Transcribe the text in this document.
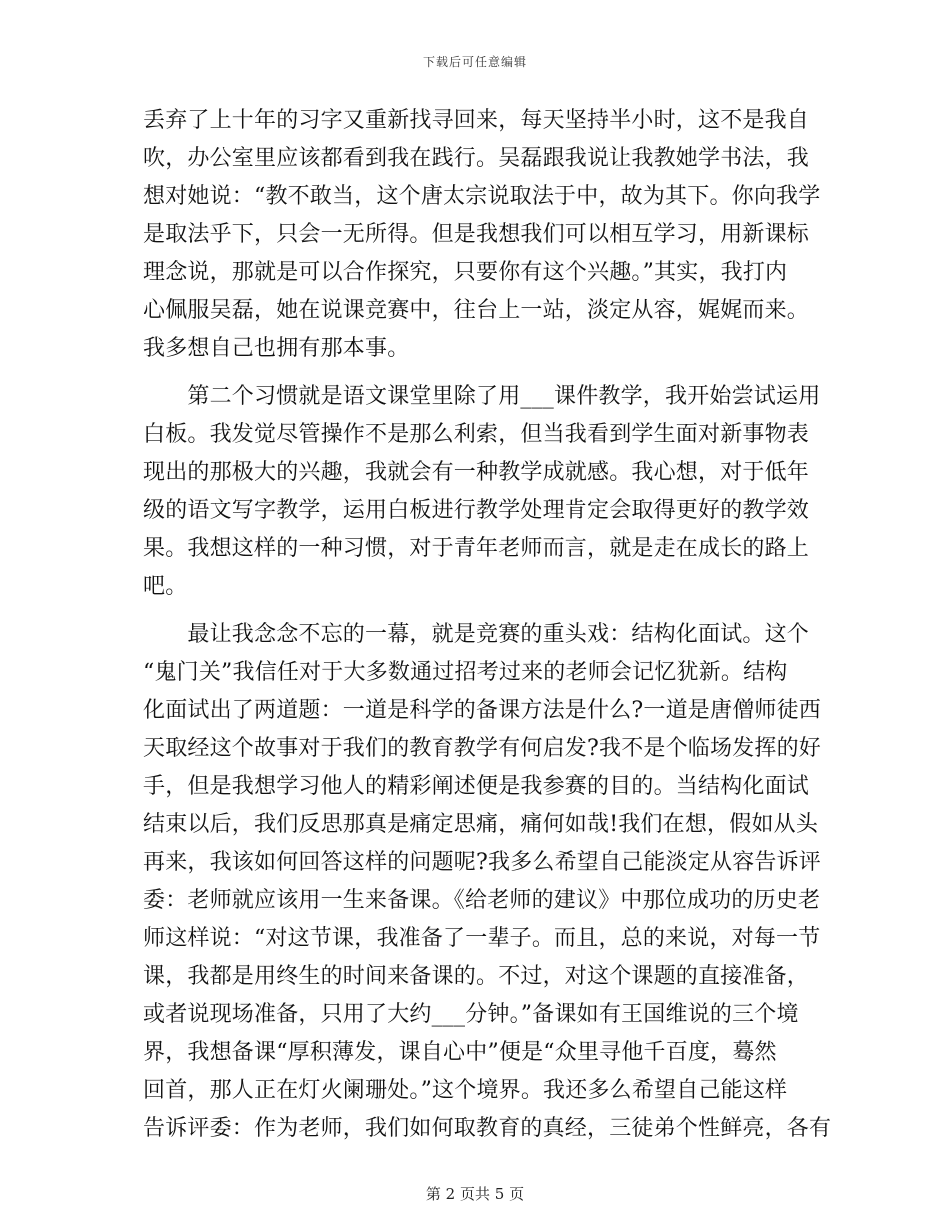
下载后可任意编辑
丢弃了上十年的习字又重新找寻回来，每天坚持半小时，这不是我自
吹，办公室里应该都看到我在践行。吴磊跟我说让我教她学书法，我
想对她说：“教不敢当，这个唐太宗说取法于中，故为其下。你向我学
是取法乎下，只会一无所得。但是我想我们可以相互学习，用新课标
理念说，那就是可以合作探究，只要你有这个兴趣。”其实，我打内
心佩服吴磊，她在说课竞赛中，往台上一站，淡定从容，娓娓而来。
我多想自己也拥有那本事。
　　第二个习惯就是语文课堂里除了用___课件教学，我开始尝试运用
白板。我发觉尽管操作不是那么利索，但当我看到学生面对新事物表
现出的那极大的兴趣，我就会有一种教学成就感。我心想，对于低年
级的语文写字教学，运用白板进行教学处理肯定会取得更好的教学效
果。我想这样的一种习惯，对于青年老师而言，就是走在成长的路上
吧。
　　最让我念念不忘的一幕，就是竞赛的重头戏：结构化面试。这个
“鬼门关”我信任对于大多数通过招考过来的老师会记忆犹新。结构
化面试出了两道题：一道是科学的备课方法是什么?一道是唐僧师徒西
天取经这个故事对于我们的教育教学有何启发?我不是个临场发挥的好
手，但是我想学习他人的精彩阐述便是我参赛的目的。当结构化面试
结束以后，我们反思那真是痛定思痛，痛何如哉!我们在想，假如从头
再来，我该如何回答这样的问题呢?我多么希望自己能淡定从容告诉评
委：老师就应该用一生来备课。《给老师的建议》中那位成功的历史老
师这样说：“对这节课，我准备了一辈子。而且，总的来说，对每一节
课，我都是用终生的时间来备课的。不过，对这个课题的直接准备，
或者说现场准备，只用了大约___分钟。”备课如有王国维说的三个境
界，我想备课“厚积薄发，课自心中”便是“众里寻他千百度，蓦然
回首，那人正在灯火阑珊处。”这个境界。我还多么希望自己能这样
告诉评委：作为老师，我们如何取教育的真经，三徒弟个性鲜亮，各有
第 2 页共 5 页
